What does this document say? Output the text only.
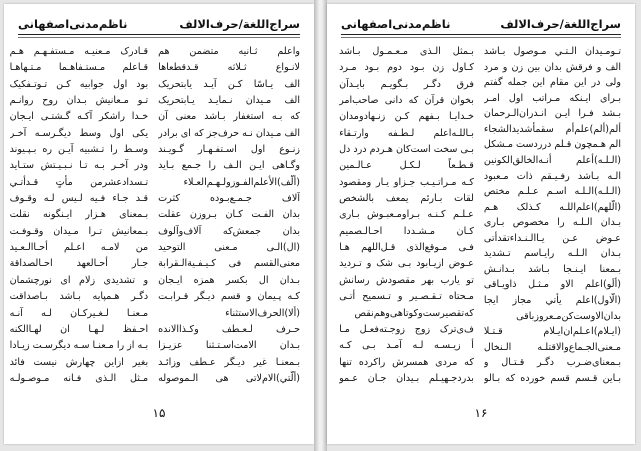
سراج‌اللغة/حرف‌الالف
ناظم‌مدنی‌اصفهانی
واعلم ثـانيه متضمن هم
لانـواع ثـلاثه قـدقطعاها
الف يـاسًا كـن آيـد يابتحريک
الف مـیدان نـمايـد يـابتحريک
كه بـه استغفار بـاشد معنی آن
الف مـیدان نـه حرف‌جز که ای برادر
زنـوع اول اسـتفـهـار گـويـند
وگـاهی ايـن الـف را جـمع بـايد
(أَلْف)‌الأعلم‌الفـوز‌ولـهـم‌العـلاء
آلاف جـمـع‌بـوده كثرت
بدان الفـت كـان بـروزن عقلت
بدان جمعش‌كه آلاف‌وآلوف
(ال)‌الـی مـعنی‌ التوحيد
معنی‌القسم فی كـيـفـية‌الـقرابة
بـدان ال بكسر همزه ايـجان
كـه پـيمان و قسم ديـگر قـرابـت
(أَلا)‌الحرف‌الاستثناء
حـرف لـعـطف وكـذا‌الانده
بـدان الامت‌اسـتـثنا عزيـزا
بـمعنـا غير ديـگر عـطف وزائـد
(أَلَّتي)‌الام‌لاتی‌ هی الـموصوله
قـادرک مـعنيـه مـستفـهـم هـم
قـاعلم مـستـفاهـما مـتـهاهـا
بود اول جوابيه كـن تـوتـفكيک
تـو مـعانيش بـدان روح روانـم
خـدا راشكر آكـه گـشتـی ايـجان
يکی اول وسط ديگـرسـه آخـر
وسـط را تـشبيه آيـن ره بـپـيوند
ودر آخـر بـه تـا نـبـيـتش ستـايد
تـسداد‌عشر‌من مأتٍ قـدأتـي
قـد جـاء فـيه لـيس لـه وقـوف
بـمعنای هـزار ايـنگونه نقلت
بـمعانيش تـرا مـيدان وقـوفـت
من لامـه اعـلم أحـا‌الـعـيد
جـار أحـالعهد احـالصداقة
و تشديدی زلام ای نورچشمان
دگـر هـمپايه بـاشد بـاصداقت
مـعنـا لـغـير‌كـان لـه آنـه
احـفظ لـهـا ان لهـاالكنه
بـه از را مـعنـا سـه ديگرسـت زيـادا
بغير ازاين چهارش نيست فائد
مـثل الـذی فـانه مـوصـولـه
۱۵
سراج‌اللغة/حرف‌الالف
ناظم‌مدنی‌اصفهانی
تـومـیدان الـتـي مـوصول بـاشد
الف و فرقش بدان بين زن و مرد
ولی در اين مقام اين جمله گفتم
بـرای ايـنکه مـراتب اول امـر
بـشد فـرا ايـن انـدر‌ان‌الـرحمان
ألم‌(ألم)علم‌أم‌ ‌سقمأ‌شديد‌الشجاء
الم هـمچون قـلم در‌ردست مـشكل
(الـلـه)أعلم‌ أنـه‌الخالق‌الكونين
الـه بـاشد رفـيـقم ذات مـعبود
(الـلـه)الـلـه اسـم عـلـم مختص
(الّلهم)اعلم‌اللـه كـذلک هـم
بـدان الـلـه را مخصوص بـاری
عـوض عـن يـا‌الـنـداء‌تقدأتی
بـدان الـلـه رايـاسم تـشديد
بـمعنا ايـنـجا بـاشد بـدانـش
(ألَو)‌اعلم‌ الاو مـثـل ذاويـاقی
(الّاول)اعلم‌ يأتي مجاز ايجا
بدان‌الاوست‌كن‌مـعروز‌باقی
(ايـلام)اعـلم‌ان‌ايـلام قـتـلا
مـعنی‌الجـماع‌والاقتلـه الـنخال
بـمعنای‌ضـرب دگـر قـتـال و
بـاين قـسم قسم خورده كه بـالو
بـمثل الـذی مـعـمـول بـاشد
كـاول زن بـود دوم بـود مـرد
فرق دگـر بـگويـم بايـدآن
بخوان قرآن كه دانی صاحب‌امر
خـدايـا بـفهم كـن زنـهادومدان
بـاللـه‌اعلم لـطـفه وارتـقاء
بـی سخت است‌كان هـردم درد دل
قـطـعاً لـكـل عـالـمين
كـه مـراتـيـب جـزاو يـار ومقصود
لقات بـارئم يمعف بالشخص
عـلـم كـنـه‌ بـراومـعبـوش بـاری
كـان مـشـددا احـالـصميم
فـی مـوقع‌الذی قـل‌اللهم هـا
عـوض ازيـابود بـی شک و تـرديد
تو يارب بهر مقصودش رسانش
مـحتاه تـقـصـير و تـسميح أتـی
كه‌تقصيرست‌وكو‌تاهی‌وهم‌نقص
ف‌ی‌ترک زوج زوجـته‌فعـل مـا
أ زيـسـه لـه آمـد بـی كـه
كه مردی همسرش راكرده تنها
بدردجـهيـلم بـيدان جـان عـمو
۱۶
